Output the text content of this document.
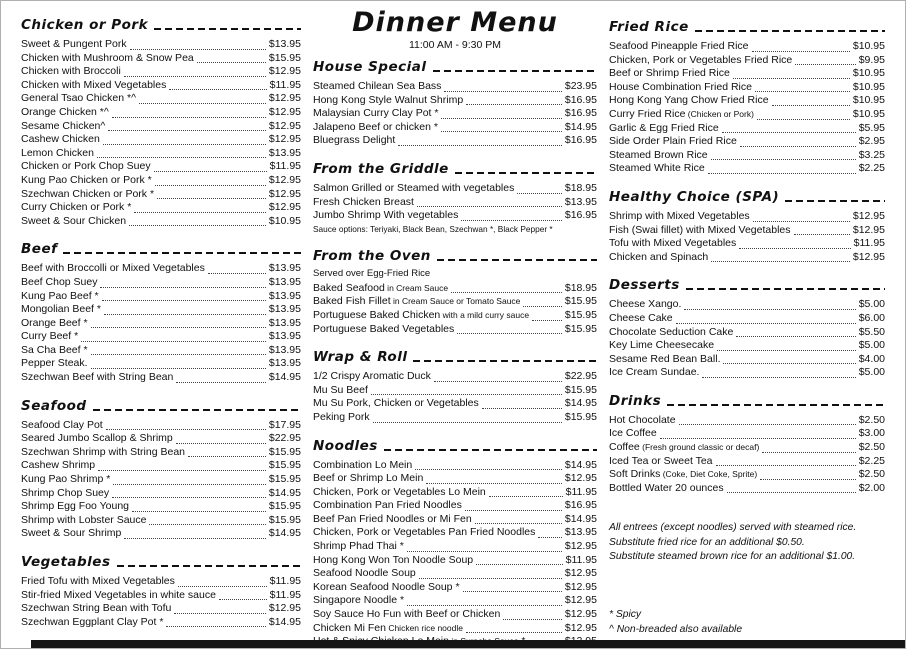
Chicken or Pork
Sweet & Pungent Pork	$13.95
Chicken with Mushroom & Snow Pea	$15.95
Chicken with Broccoli	$12.95
Chicken with Mixed Vegetables	$11.95
General Tsao Chicken *^	$12.95
Orange Chicken *^	$12.95
Sesame Chicken^	$12.95
Cashew Chicken	$12.95
Lemon Chicken	$13.95
Chicken or Pork Chop Suey	$11.95
Kung Pao Chicken or Pork *	$12.95
Szechwan Chicken or Pork *	$12.95
Curry Chicken or Pork *	$12.95
Sweet & Sour Chicken	$10.95
Beef
Beef with Broccolli or Mixed Vegetables	$13.95
Beef Chop Suey	$13.95
Kung Pao Beef *	$13.95
Mongolian Beef *	$13.95
Orange Beef *	$13.95
Curry Beef *	$13.95
Sa Cha Beef *	$13.95
Pepper Steak.	$13.95
Szechwan Beef with String Bean	$14.95
Seafood
Seafood Clay Pot	$17.95
Seared Jumbo Scallop & Shrimp	$22.95
Szechwan Shrimp with String Bean	$15.95
Cashew Shrimp	$15.95
Kung Pao Shrimp *	$15.95
Shrimp Chop Suey	$14.95
Shrimp Egg Foo Young	$15.95
Shrimp with Lobster Sauce	$15.95
Sweet & Sour Shrimp	$14.95
Vegetables
Fried Tofu with Mixed Vegetables	$11.95
Stir-fried Mixed Vegetables in white sauce	$11.95
Szechwan String Bean with Tofu	$12.95
Szechwan Eggplant Clay Pot *	$14.95
Dinner Menu
11:00 AM - 9:30 PM
House Special
Steamed Chilean Sea Bass	$23.95
Hong Kong Style Walnut Shrimp	$16.95
Malaysian Curry Clay Pot *	$16.95
Jalapeno Beef or chicken *	$14.95
Bluegrass Delight	$16.95
From the Griddle
Salmon Grilled or Steamed with vegetables	$18.95
Fresh Chicken Breast	$13.95
Jumbo Shrimp With vegetables	$16.95
Sauce options: Teriyaki, Black Bean, Szechwan *, Black Pepper *
From the Oven
Served over Egg-Fried Rice
Baked Seafood in Cream Sauce	$18.95
Baked Fish Fillet in Cream Sauce or Tomato Sauce	$15.95
Portuguese Baked Chicken with a mild curry sauce	$15.95
Portuguese Baked Vegetables	$15.95
Wrap & Roll
1/2 Crispy Aromatic Duck	$22.95
Mu Su Beef	$15.95
Mu Su Pork, Chicken or Vegetables	$14.95
Peking Pork	$15.95
Noodles
Combination Lo Mein	$14.95
Beef or Shrimp Lo Mein	$12.95
Chicken, Pork or Vegetables Lo Mein	$11.95
Combination Pan Fried Noodles	$16.95
Beef Pan Fried Noodles or Mi Fen	$14.95
Chicken, Pork or Vegetables Pan Fried Noodles	$13.95
Shrimp Phad Thai *	$12.95
Hong Kong Won Ton Noodle Soup	$11.95
Seafood Noodle Soup	$12.95
Korean Seafood Noodle Soup *	$12.95
Singapore Noodle *	$12.95
Soy Sauce Ho Fun with Beef or Chicken	$12.95
Chicken Mi Fen Chicken rice noodle	$12.95
Fried Rice
Seafood Pineapple Fried Rice	$10.95
Chicken, Pork or Vegetables Fried Rice	$9.95
Beef or Shrimp Fried Rice	$10.95
House Combination Fried Rice	$10.95
Hong Kong Yang Chow Fried Rice	$10.95
Curry Fried Rice (Chicken or Pork)	$10.95
Garlic & Egg Fried Rice	$5.95
Side Order Plain Fried Rice	$2.95
Steamed Brown Rice	$3.25
Steamed White Rice	$2.25
Healthy Choice (SPA)
Shrimp with Mixed Vegetables	$12.95
Fish (Swai fillet) with Mixed Vegetables	$12.95
Tofu with Mixed Vegetables	$11.95
Chicken and Spinach	$12.95
Desserts
Cheese Xango.	$5.00
Cheese Cake	$6.00
Chocolate Seduction Cake	$5.50
Key Lime Cheesecake	$5.00
Sesame Red Bean Ball.	$4.00
Ice Cream Sundae.	$5.00
Drinks
Hot Chocolate	$2.50
Ice Coffee	$3.00
Coffee (Fresh ground classic or decaf)	$2.50
Iced Tea or Sweet Tea	$2.25
Soft Drinks (Coke, Diet Coke, Sprite)	$2.50
Bottled Water 20 ounces	$2.00
All entrees (except noodles) served with steamed rice.
Substitute fried rice for an additional $0.50.
Substitute steamed brown rice for an additional $1.00.
* Spicy
^ Non-breaded also available
